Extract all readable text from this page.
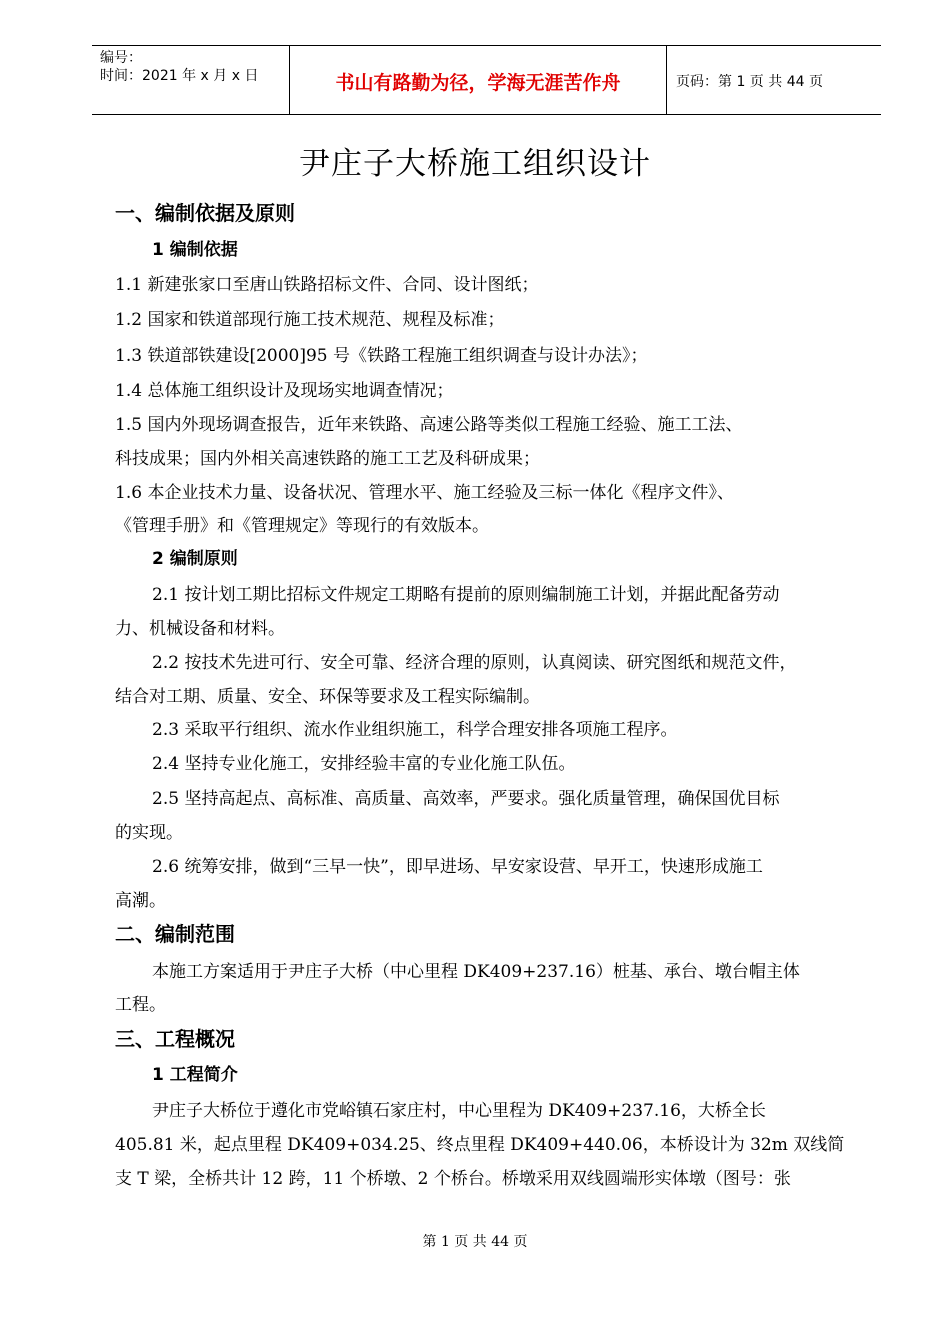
编号：
时间：2021 年 x 月 x 日	书山有路勤为径，学海无涯苦作舟	页码：第 1 页 共 44 页
尹庄子大桥施工组织设计
一、编制依据及原则
1 编制依据
1.1 新建张家口至唐山铁路招标文件、合同、设计图纸；
1.2 国家和铁道部现行施工技术规范、规程及标准；
1.3 铁道部铁建设[2000]95 号《铁路工程施工组织调查与设计办法》；
1.4 总体施工组织设计及现场实地调查情况；
1.5 国内外现场调查报告，近年来铁路、高速公路等类似工程施工经验、施工工法、
科技成果；国内外相关高速铁路的施工工艺及科研成果；
1.6 本企业技术力量、设备状况、管理水平、施工经验及三标一体化《程序文件》、
《管理手册》和《管理规定》等现行的有效版本。
2 编制原则
2.1 按计划工期比招标文件规定工期略有提前的原则编制施工计划，并据此配备劳动
力、机械设备和材料。
2.2 按技术先进可行、安全可靠、经济合理的原则，认真阅读、研究图纸和规范文件，
结合对工期、质量、安全、环保等要求及工程实际编制。
2.3 采取平行组织、流水作业组织施工，科学合理安排各项施工程序。
2.4 坚持专业化施工，安排经验丰富的专业化施工队伍。
2.5 坚持高起点、高标准、高质量、高效率，严要求。强化质量管理，确保国优目标
的实现。
2.6 统筹安排，做到“三早一快”，即早进场、早安家设营、早开工，快速形成施工
高潮。
二、编制范围
本施工方案适用于尹庄子大桥（中心里程 DK409+237.16）桩基、承台、墩台帽主体
工程。
三、工程概况
1 工程简介
尹庄子大桥位于遵化市党峪镇石家庄村，中心里程为 DK409+237.16，大桥全长
405.81 米，起点里程 DK409+034.25、终点里程 DK409+440.06，本桥设计为 32m 双线简
支 T 梁，全桥共计 12 跨，11 个桥墩、2 个桥台。桥墩采用双线圆端形实体墩（图号：张
第 1 页 共 44 页
